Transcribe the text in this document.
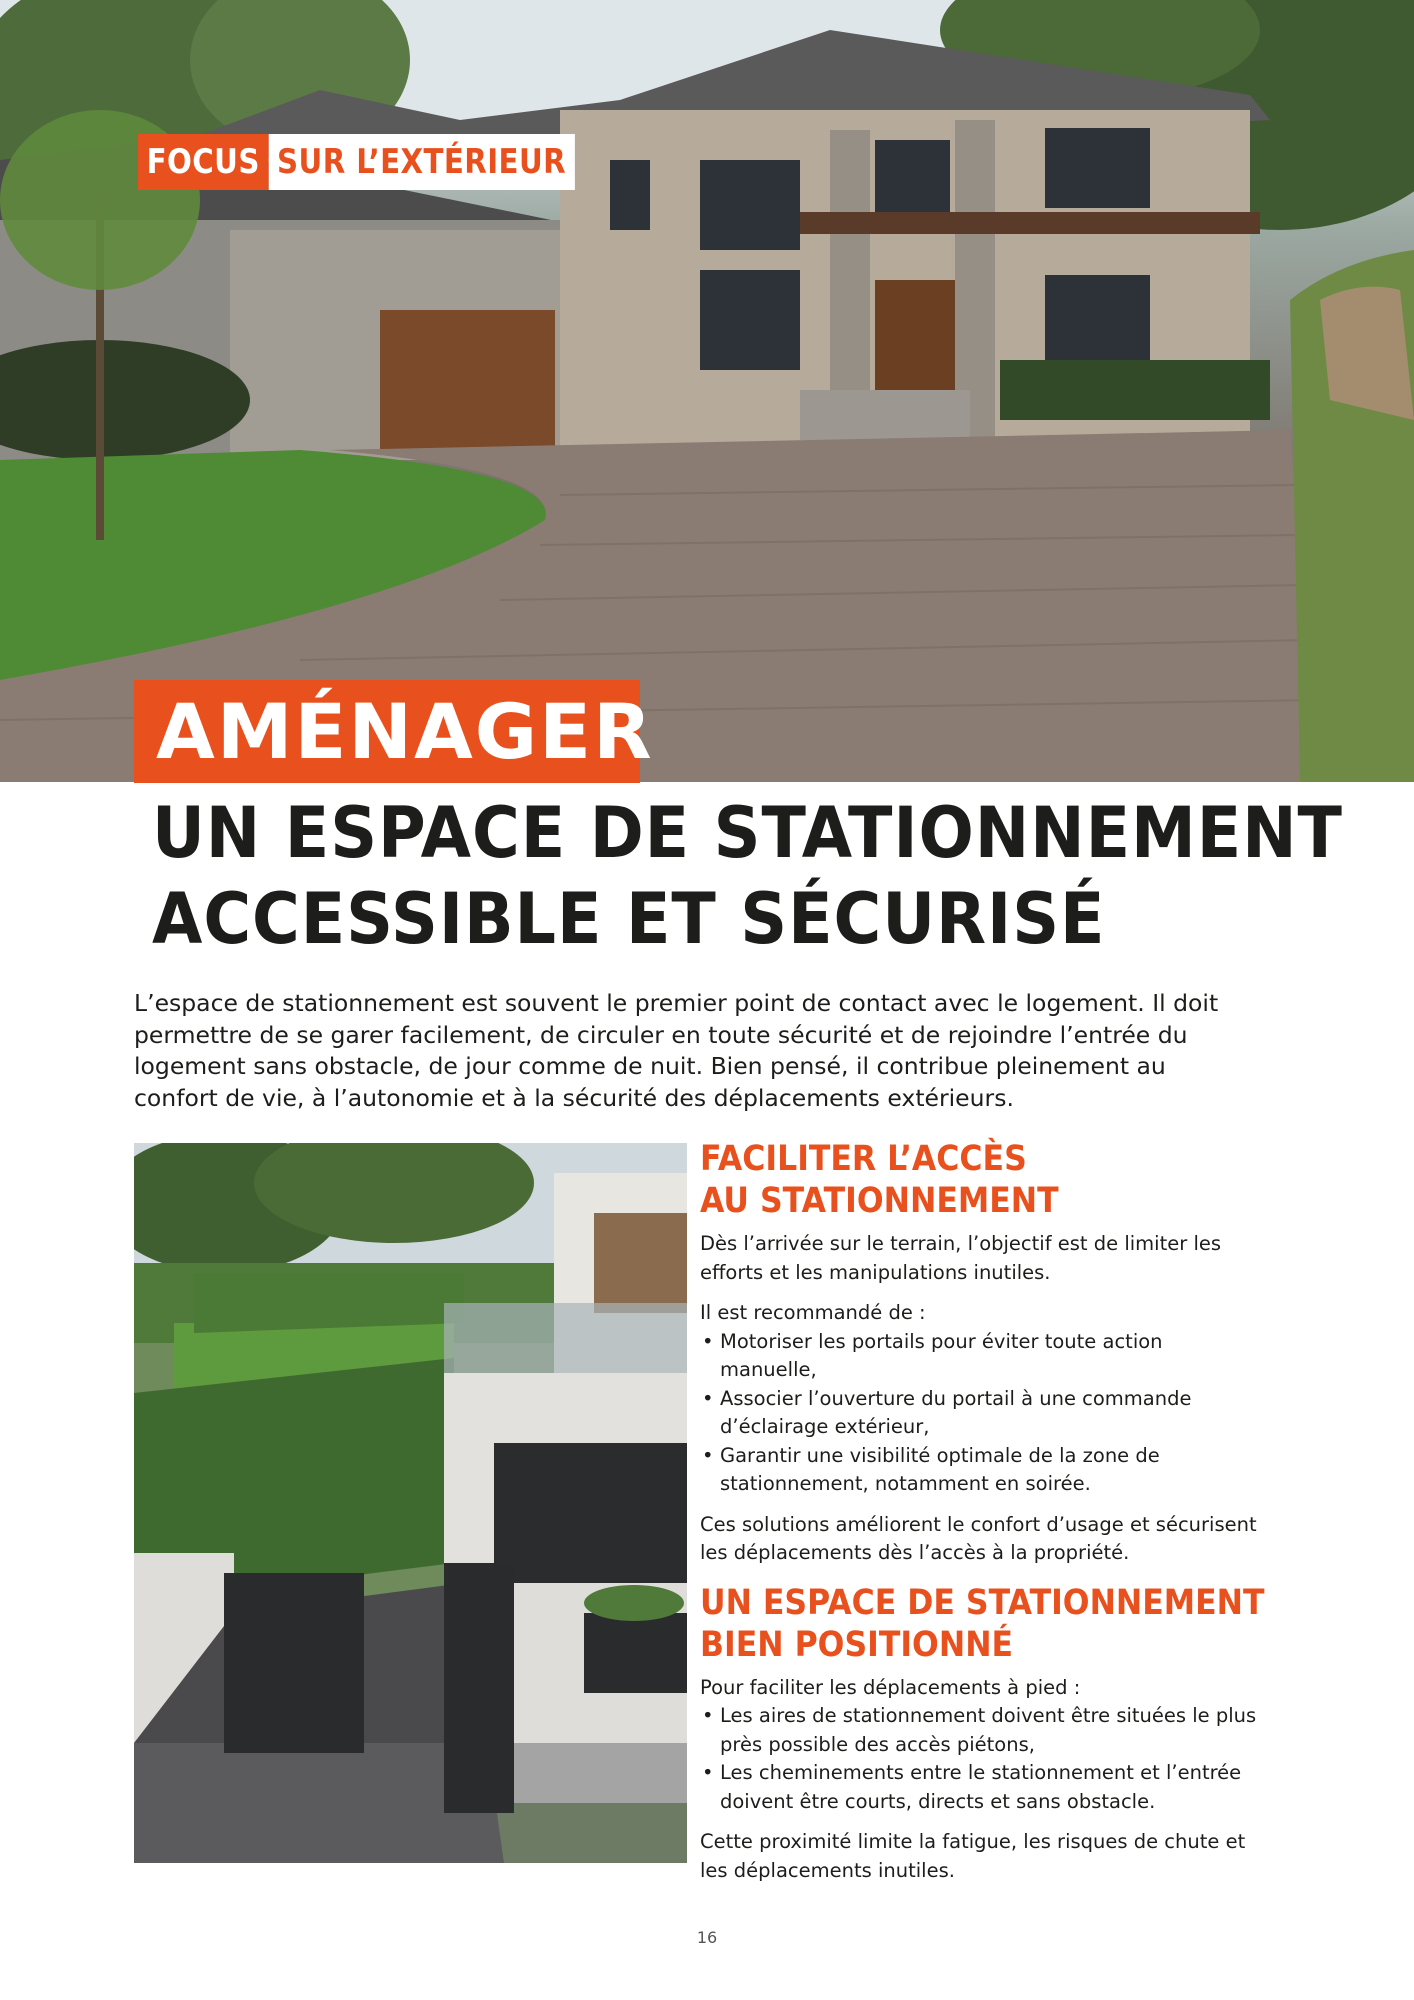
FOCUS SUR L’EXTÉRIEUR
AMÉNAGER
UN ESPACE DE STATIONNEMENT
ACCESSIBLE ET SÉCURISÉ

L’espace de stationnement est souvent le premier point de contact avec le logement. Il doit permettre de se garer facilement, de circuler en toute sécurité et de rejoindre l’entrée du logement sans obstacle, de jour comme de nuit. Bien pensé, il contribue pleinement au confort de vie, à l’autonomie et à la sécurité des déplacements extérieurs.

FACILITER L’ACCÈS
AU STATIONNEMENT

Dès l’arrivée sur le terrain, l’objectif est de limiter les efforts et les manipulations inutiles.

Il est recommandé de :

• Motoriser les portails pour éviter toute action manuelle,
• Associer l’ouverture du portail à une commande d’éclairage extérieur,
• Garantir une visibilité optimale de la zone de stationnement, notamment en soirée.

Ces solutions améliorent le confort d’usage et sécurisent les déplacements dès l’accès à la propriété.

UN ESPACE DE STATIONNEMENT
BIEN POSITIONNÉ

Pour faciliter les déplacements à pied :

• Les aires de stationnement doivent être situées le plus près possible des accès piétons,
• Les cheminements entre le stationnement et l’entrée doivent être courts, directs et sans obstacle.

Cette proximité limite la fatigue, les risques de chute et les déplacements inutiles.

16
